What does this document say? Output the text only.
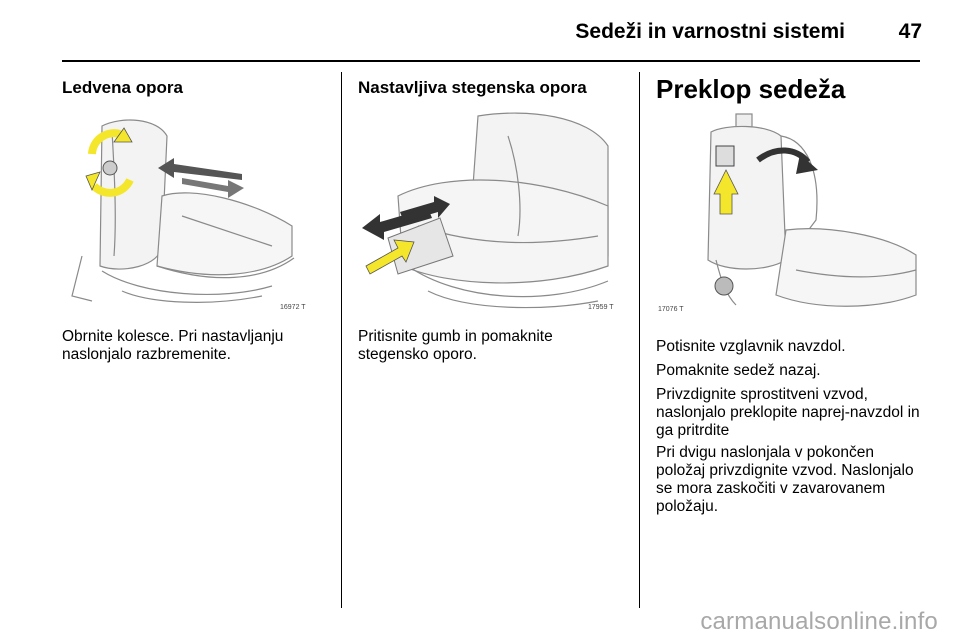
Sedeži in varnostni sistemi	47
Ledvena opora
16972 T
Obrnite kolesce. Pri nastavljanju naslonjalo razbremenite.
Nastavljiva stegenska opora
17959 T
Pritisnite gumb in pomaknite stegensko oporo.
Preklop sedeža
17076 T
Potisnite vzglavnik navzdol.
Pomaknite sedež nazaj.
Privzdignite sprostitveni vzvod, naslonjalo preklopite naprej-navzdol in ga pritrdite
Pri dvigu naslonjala v pokončen položaj privzdignite vzvod. Naslonjalo se mora zaskočiti v zavarovanem položaju.
carmanualsonline.info
